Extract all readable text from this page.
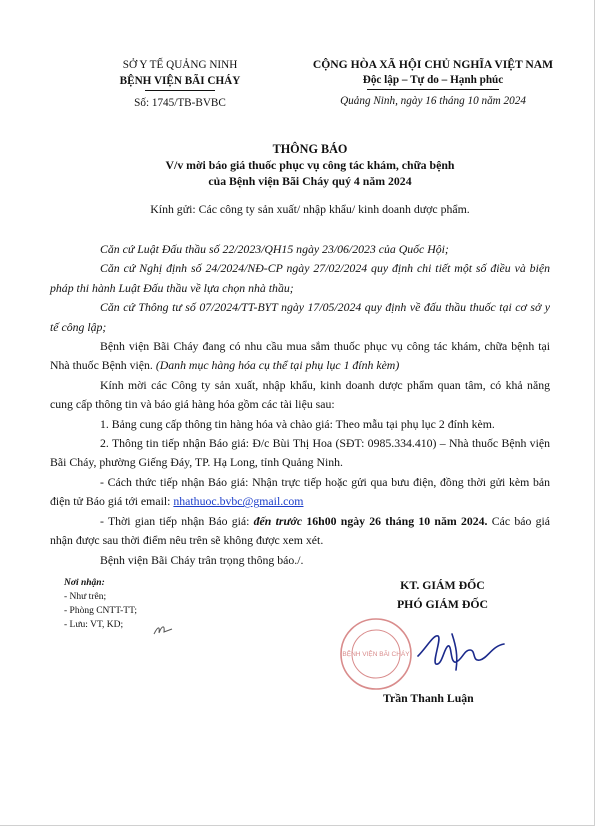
SỞ Y TẾ QUẢNG NINH
BỆNH VIỆN BÃI CHÁY
Số: 1745/TB-BVBC
CỘNG HÒA XÃ HỘI CHỦ NGHĨA VIỆT NAM
Độc lập – Tự do – Hạnh phúc
Quảng Ninh, ngày 16 tháng 10 năm 2024
THÔNG BÁO
V/v mời báo giá thuốc phục vụ công tác khám, chữa bệnh
của Bệnh viện Bãi Cháy quý 4 năm 2024
Kính gửi: Các công ty sản xuất/ nhập khẩu/ kinh doanh dược phẩm.

Căn cứ Luật Đấu thầu số 22/2023/QH15 ngày 23/06/2023 của Quốc Hội;

Căn cứ Nghị định số 24/2024/NĐ-CP ngày 27/02/2024 quy định chi tiết một số điều và biện pháp thi hành Luật Đấu thầu về lựa chọn nhà thầu;

Căn cứ Thông tư số 07/2024/TT-BYT ngày 17/05/2024 quy định về đấu thầu thuốc tại cơ sở y tế công lập;

Bệnh viện Bãi Cháy đang có nhu cầu mua sắm thuốc phục vụ công tác khám, chữa bệnh tại Nhà thuốc Bệnh viện. (Danh mục hàng hóa cụ thể tại phụ lục 1 đính kèm)

Kính mời các Công ty sản xuất, nhập khẩu, kinh doanh dược phẩm quan tâm, có khả năng cung cấp thông tin và báo giá hàng hóa gồm các tài liệu sau:

1. Bảng cung cấp thông tin hàng hóa và chào giá: Theo mẫu tại phụ lục 2 đính kèm.

2. Thông tin tiếp nhận Báo giá: Đ/c Bùi Thị Hoa (SĐT: 0985.334.410) – Nhà thuốc Bệnh viện Bãi Cháy, phường Giếng Đáy, TP. Hạ Long, tỉnh Quảng Ninh.

- Cách thức tiếp nhận Báo giá: Nhận trực tiếp hoặc gửi qua bưu điện, đồng thời gửi kèm bản điện tử Báo giá tới email: nhathuoc.bvbc@gmail.com

- Thời gian tiếp nhận Báo giá: đến trước 16h00 ngày 26 tháng 10 năm 2024. Các báo giá nhận được sau thời điểm nêu trên sẽ không được xem xét.

Bệnh viện Bãi Cháy trân trọng thông báo./.

Nơi nhận:
- Như trên;
- Phòng CNTT-TT;
- Lưu: VT, KD;
KT. GIÁM ĐỐC
PHÓ GIÁM ĐỐC
BỆNH VIỆN BÃI CHÁY
Trần Thanh Luận
